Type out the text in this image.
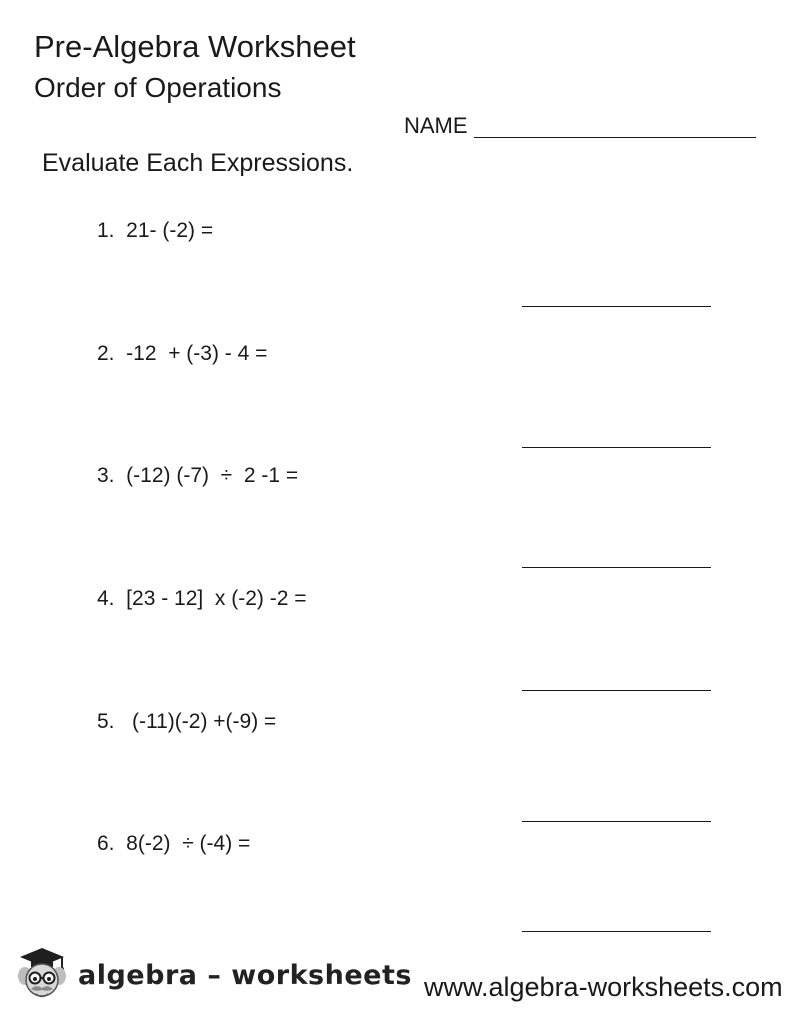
Pre-Algebra Worksheet
Order of Operations
NAME
Evaluate Each Expressions.
1.  21- (-2) =
2.  -12  + (-3) - 4 =
3.  (-12) (-7)  ÷  2 -1 =
4.  [23 - 12]  x (-2) -2 =
5.   (-11)(-2) +(-9) =
6.  8(-2)  ÷ (-4) =
algebra – worksheets www.algebra-worksheets.com
